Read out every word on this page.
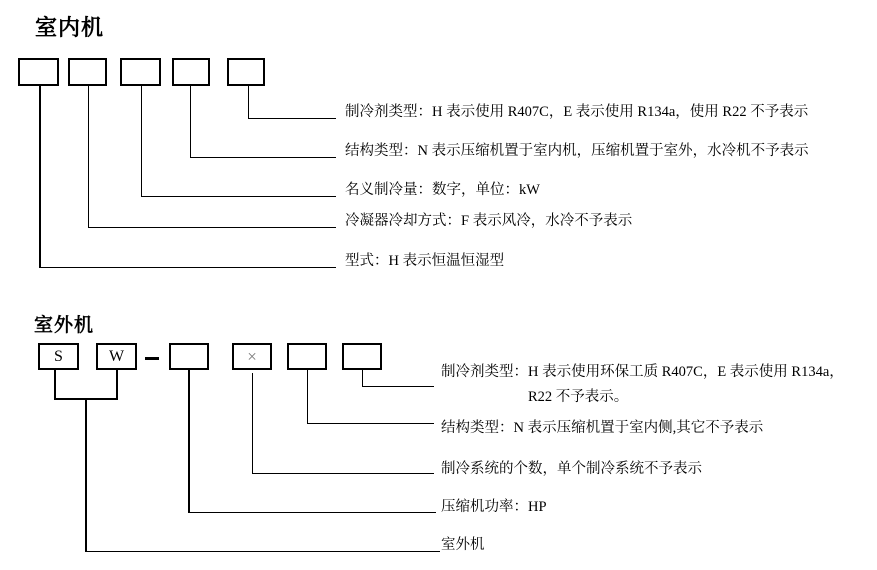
室内机
制冷剂类型：H 表示使用 R407C，E 表示使用 R134a，使用 R22 不予表示
结构类型：N 表示压缩机置于室内机，压缩机置于室外，水冷机不予表示
名义制冷量：数字，单位：kW
冷凝器冷却方式：F 表示风冷，水冷不予表示
型式：H 表示恒温恒湿型
室外机
S	W	×
制冷剂类型：H 表示使用环保工质 R407C，E 表示使用 R134a，
R22 不予表示。
结构类型：N 表示压缩机置于室内侧,其它不予表示
制冷系统的个数，单个制冷系统不予表示
压缩机功率：HP
室外机
